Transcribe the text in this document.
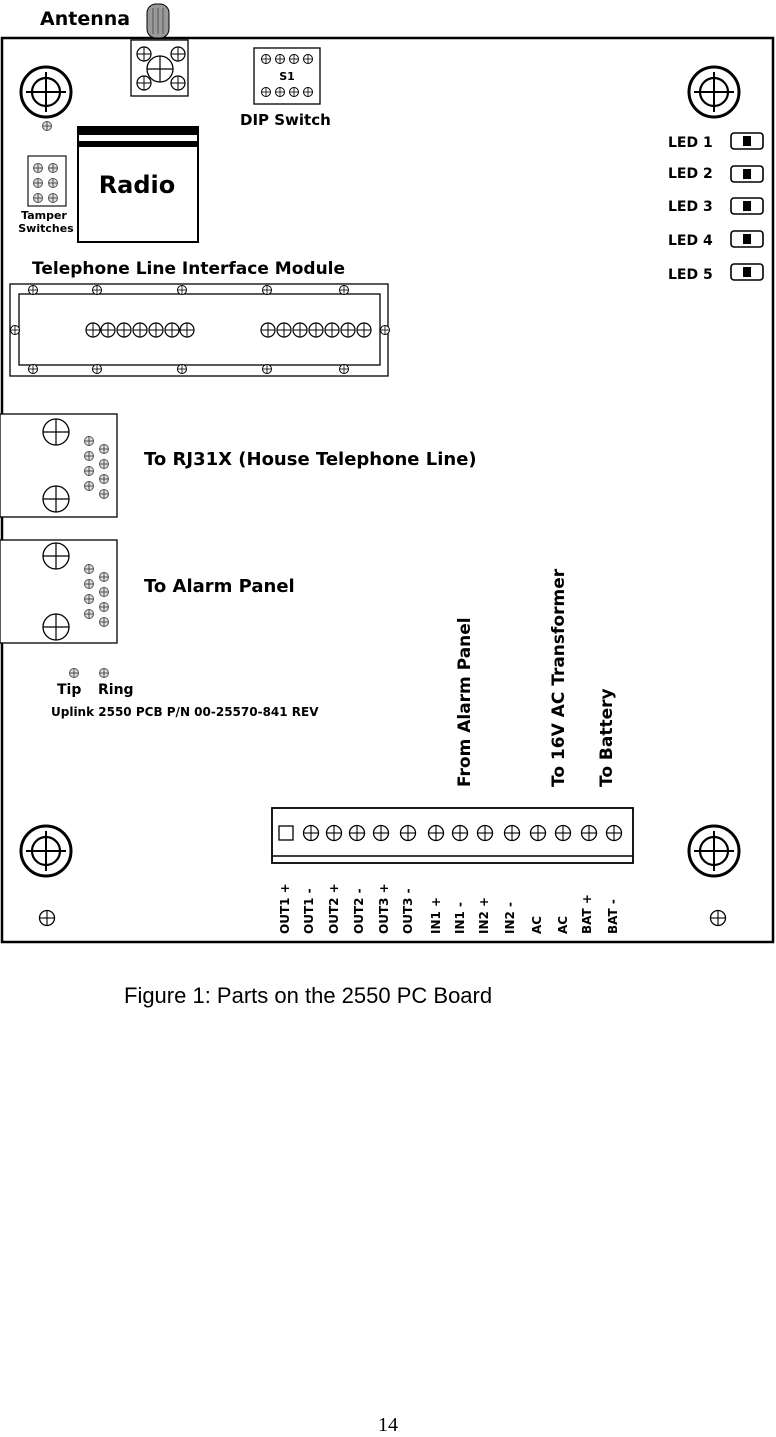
Antenna
S1
DIP Switch
Tamper
Switches
Radio
LED 1
LED 2
LED 3
LED 4
LED 5
Telephone Line Interface Module
To RJ31X (House Telephone Line)
To Alarm Panel
Tip Ring
Uplink 2550 PCB P/N 00-25570-841 REV	From Alarm Panel	To 16V AC Transformer To Battery
OUT1 + OUT1 - OUT2 + OUT2 - OUT3 + OUT3 - IN1 + IN1 - IN2 + IN2 - AC AC BAT + BAT -
Figure 1: Parts on the 2550 PC Board
14
